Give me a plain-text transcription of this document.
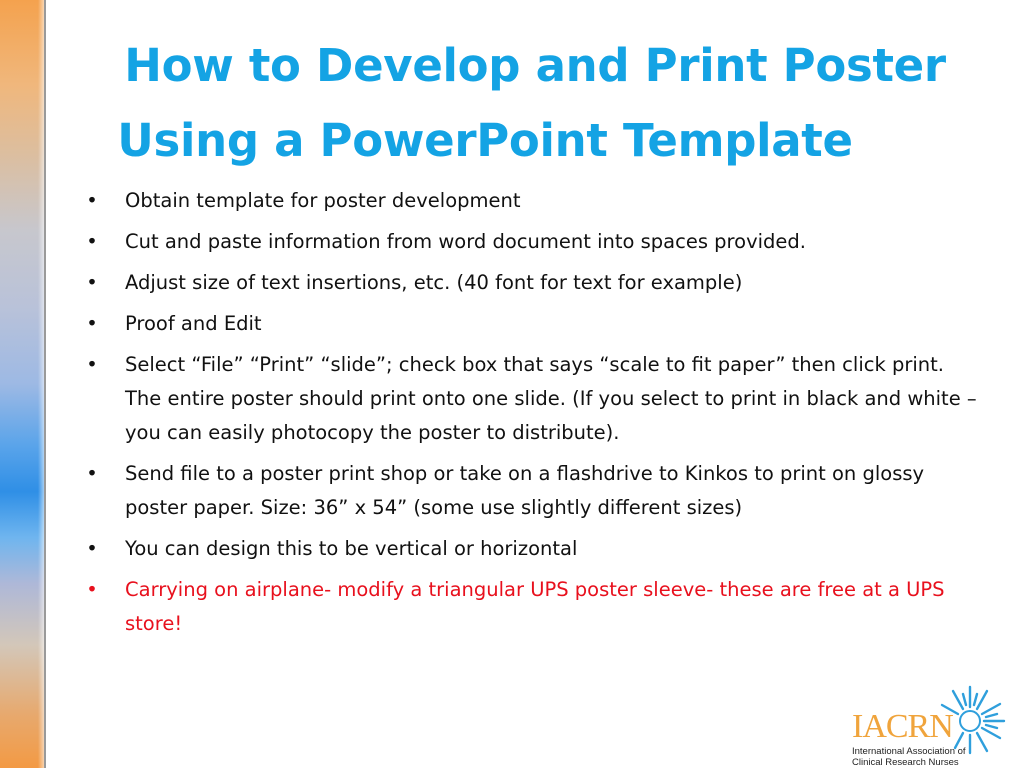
How to Develop and Print Poster
Using a PowerPoint Template
• Obtain template for poster development
• Cut and paste information from word document into spaces provided.
• Adjust size of text insertions, etc. (40 font for text for example)
• Proof and Edit
• Select “File” “Print” “slide”; check box that says “scale to fit paper” then click print. The entire poster should print onto one slide. (If you select to print in black and white – you can easily photocopy the poster to distribute).
• Send file to a poster print shop or take on a flashdrive to Kinkos to print on glossy poster paper. Size: 36” x 54” (some use slightly different sizes)
• You can design this to be vertical or horizontal
• Carrying on airplane- modify a triangular UPS poster sleeve- these are free at a UPS store!
IACRN
International Association of
Clinical Research Nurses
